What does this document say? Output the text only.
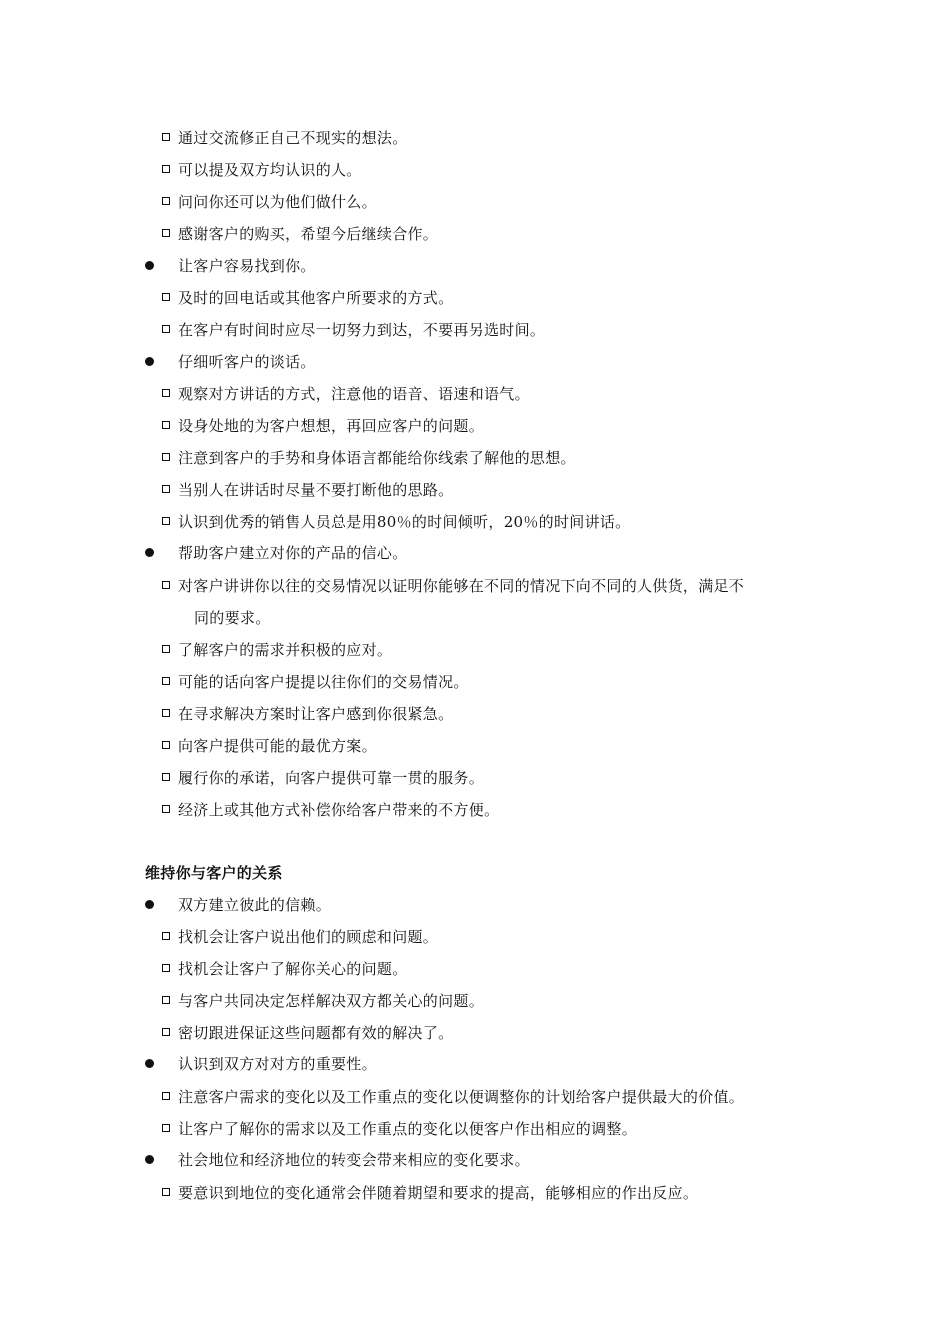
通过交流修正自己不现实的想法。
可以提及双方均认识的人。
问问你还可以为他们做什么。
感谢客户的购买，希望今后继续合作。
让客户容易找到你。
及时的回电话或其他客户所要求的方式。
在客户有时间时应尽一切努力到达，不要再另选时间。
仔细听客户的谈话。
观察对方讲话的方式，注意他的语音、语速和语气。
设身处地的为客户想想，再回应客户的问题。
注意到客户的手势和身体语言都能给你线索了解他的思想。
当别人在讲话时尽量不要打断他的思路。
认识到优秀的销售人员总是用80％的时间倾听，20％的时间讲话。
帮助客户建立对你的产品的信心。
对客户讲讲你以往的交易情况以证明你能够在不同的情况下向不同的人供货，满足不
同的要求。
了解客户的需求并积极的应对。
可能的话向客户提提以往你们的交易情况。
在寻求解决方案时让客户感到你很紧急。
向客户提供可能的最优方案。
履行你的承诺，向客户提供可靠一贯的服务。
经济上或其他方式补偿你给客户带来的不方便。
维持你与客户的关系
双方建立彼此的信赖。
找机会让客户说出他们的顾虑和问题。
找机会让客户了解你关心的问题。
与客户共同决定怎样解决双方都关心的问题。
密切跟进保证这些问题都有效的解决了。
认识到双方对对方的重要性。
注意客户需求的变化以及工作重点的变化以便调整你的计划给客户提供最大的价值。
让客户了解你的需求以及工作重点的变化以便客户作出相应的调整。
社会地位和经济地位的转变会带来相应的变化要求。
要意识到地位的变化通常会伴随着期望和要求的提高，能够相应的作出反应。
